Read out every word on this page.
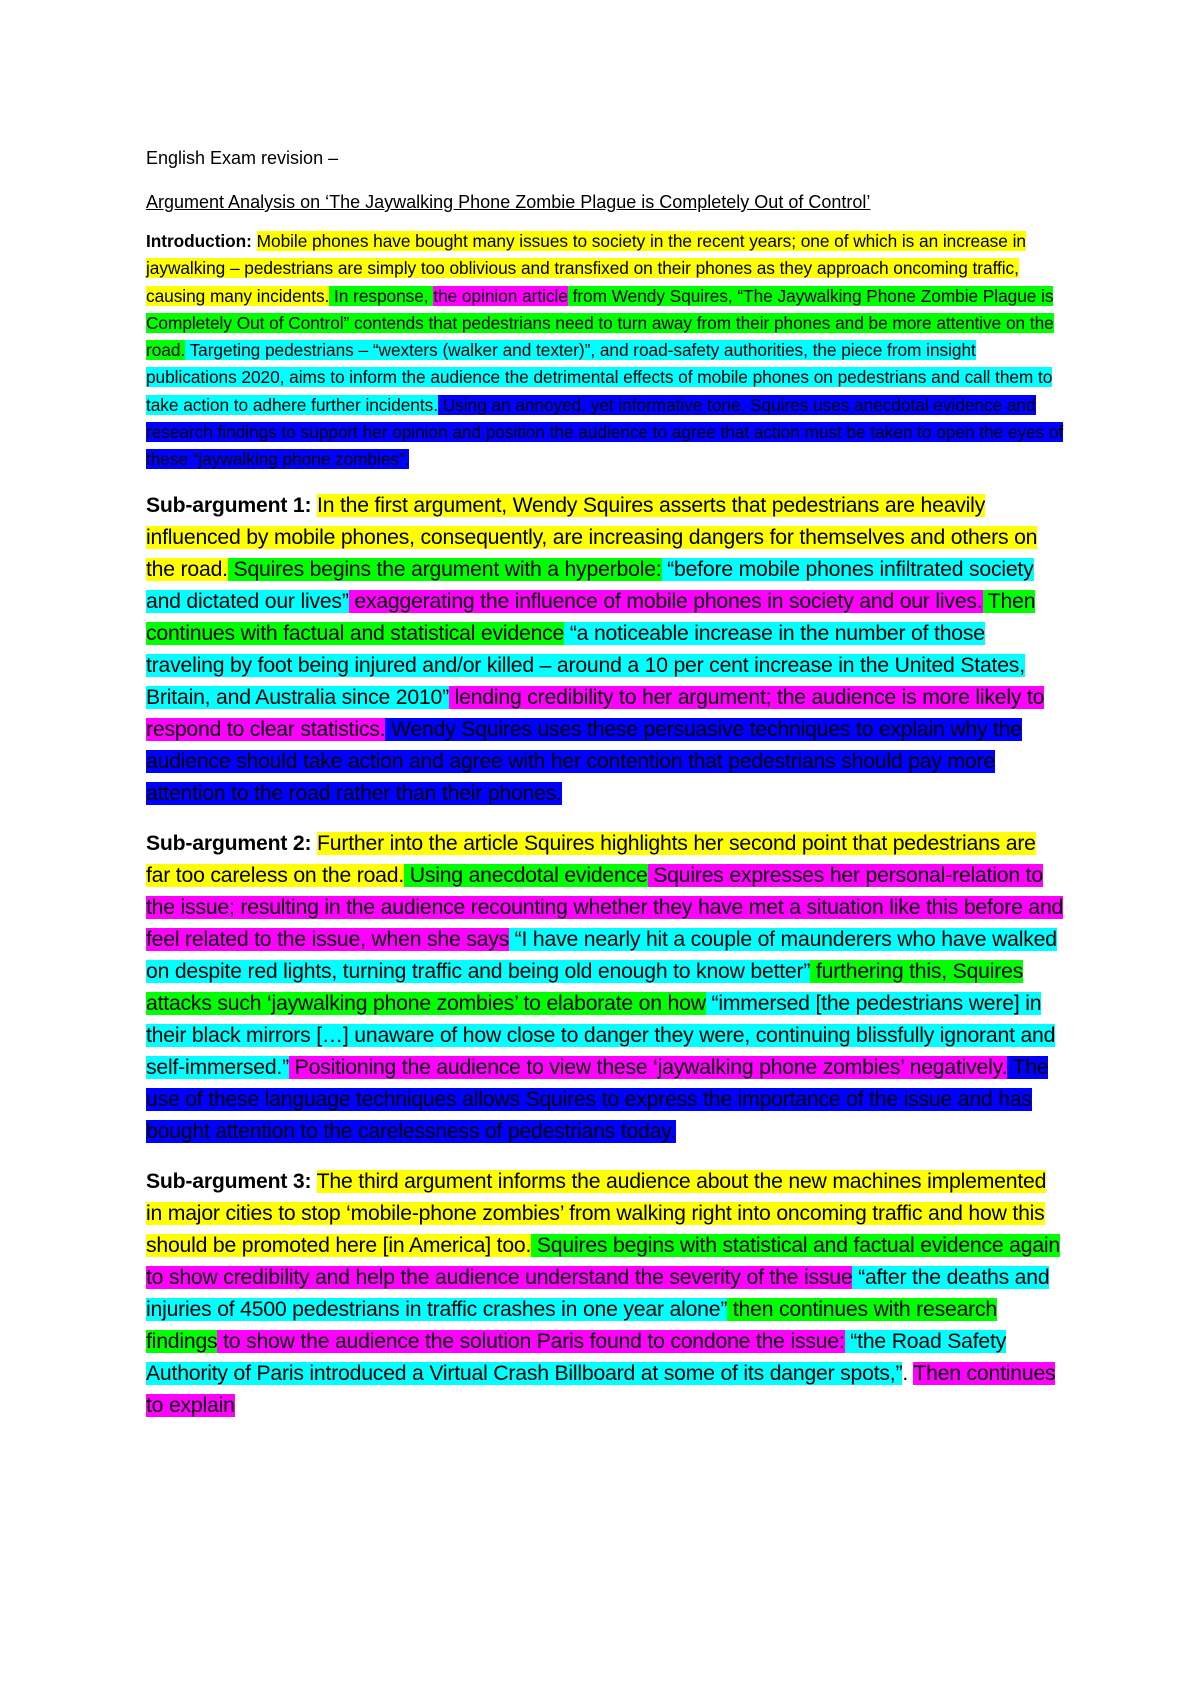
English Exam revision –

Argument Analysis on ‘The Jaywalking Phone Zombie Plague is Completely Out of Control’

Introduction: Mobile phones have bought many issues to society in the recent years; one of which is an increase in jaywalking – pedestrians are simply too oblivious and transfixed on their phones as they approach oncoming traffic, causing many incidents. In response, the opinion article from Wendy Squires, “The Jaywalking Phone Zombie Plague is Completely Out of Control” contends that pedestrians need to turn away from their phones and be more attentive on the road. Targeting pedestrians – “wexters (walker and texter)”, and road-safety authorities, the piece from insight publications 2020, aims to inform the audience the detrimental effects of mobile phones on pedestrians and call them to take action to adhere further incidents. Using an annoyed, yet informative tone, Squires uses anecdotal evidence and research findings to support her opinion and position the audience to agree that action must be taken to open the eyes of these “jaywalking phone zombies”.

Sub-argument 1: In the first argument, Wendy Squires asserts that pedestrians are heavily influenced by mobile phones, consequently, are increasing dangers for themselves and others on the road. Squires begins the argument with a hyperbole: “before mobile phones infiltrated society and dictated our lives” exaggerating the influence of mobile phones in society and our lives. Then continues with factual and statistical evidence “a noticeable increase in the number of those traveling by foot being injured and/or killed – around a 10 per cent increase in the United States, Britain, and Australia since 2010” lending credibility to her argument; the audience is more likely to respond to clear statistics. Wendy Squires uses these persuasive techniques to explain why the audience should take action and agree with her contention that pedestrians should pay more attention to the road rather than their phones.

Sub-argument 2: Further into the article Squires highlights her second point that pedestrians are far too careless on the road. Using anecdotal evidence Squires expresses her personal-relation to the issue; resulting in the audience recounting whether they have met a situation like this before and feel related to the issue, when she says “I have nearly hit a couple of maunderers who have walked on despite red lights, turning traffic and being old enough to know better” furthering this, Squires attacks such ‘jaywalking phone zombies’ to elaborate on how “immersed [the pedestrians were] in their black mirrors […] unaware of how close to danger they were, continuing blissfully ignorant and self-immersed.” Positioning the audience to view these ‘jaywalking phone zombies’ negatively. The use of these language techniques allows Squires to express the importance of the issue and has bought attention to the carelessness of pedestrians today.

Sub-argument 3: The third argument informs the audience about the new machines implemented in major cities to stop ‘mobile-phone zombies’ from walking right into oncoming traffic and how this should be promoted here [in America] too. Squires begins with statistical and factual evidence again to show credibility and help the audience understand the severity of the issue “after the deaths and injuries of 4500 pedestrians in traffic crashes in one year alone” then continues with research findings to show the audience the solution Paris found to condone the issue: “the Road Safety Authority of Paris introduced a Virtual Crash Billboard at some of its danger spots,”. Then continues to explain
